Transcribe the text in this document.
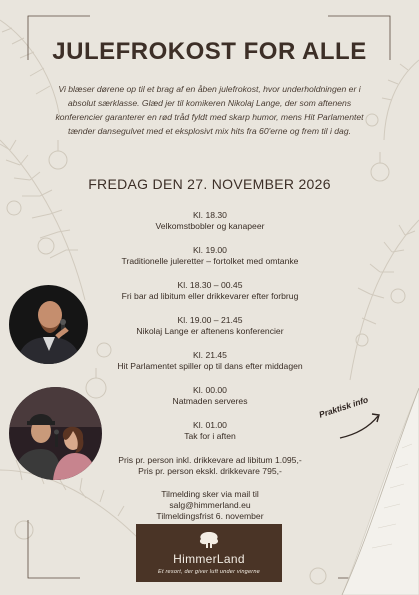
JULEFROKOST FOR ALLE
Vi blæser dørene op til et brag af en åben julefrokost, hvor underholdningen er i absolut særklasse. Glæd jer til komikeren Nikolaj Lange, der som aftenens konferencier garanterer en rød tråd fyldt med skarp humor, mens Hit Parlamentet tænder dansegulvet med et eksplosivt mix hits fra 60'erne og frem til i dag.
FREDAG DEN 27. NOVEMBER 2026
Kl. 18.30
Velkomstbobler og kanapeer
Kl. 19.00
Traditionelle juleretter – fortolket med omtanke
Kl. 18.30 – 00.45
Fri bar ad libitum eller drikkevarer efter forbrug
Kl. 19.00 – 21.45
Nikolaj Lange er aftenens konferencier
Kl. 21.45
Hit Parlamentet spiller op til dans efter middagen
Kl. 00.00
Natmaden serveres
Kl. 01.00
Tak for i aften
Pris pr. person inkl. drikkevare ad libitum 1.095,-
Pris pr. person ekskl. drikkevare 795,-
Tilmelding sker via mail til
salg@himmerland.eu
Tilmeldingsfrist 6. november
Praktisk info
HimmerLand
Et resort, der giver luft under vingerne
